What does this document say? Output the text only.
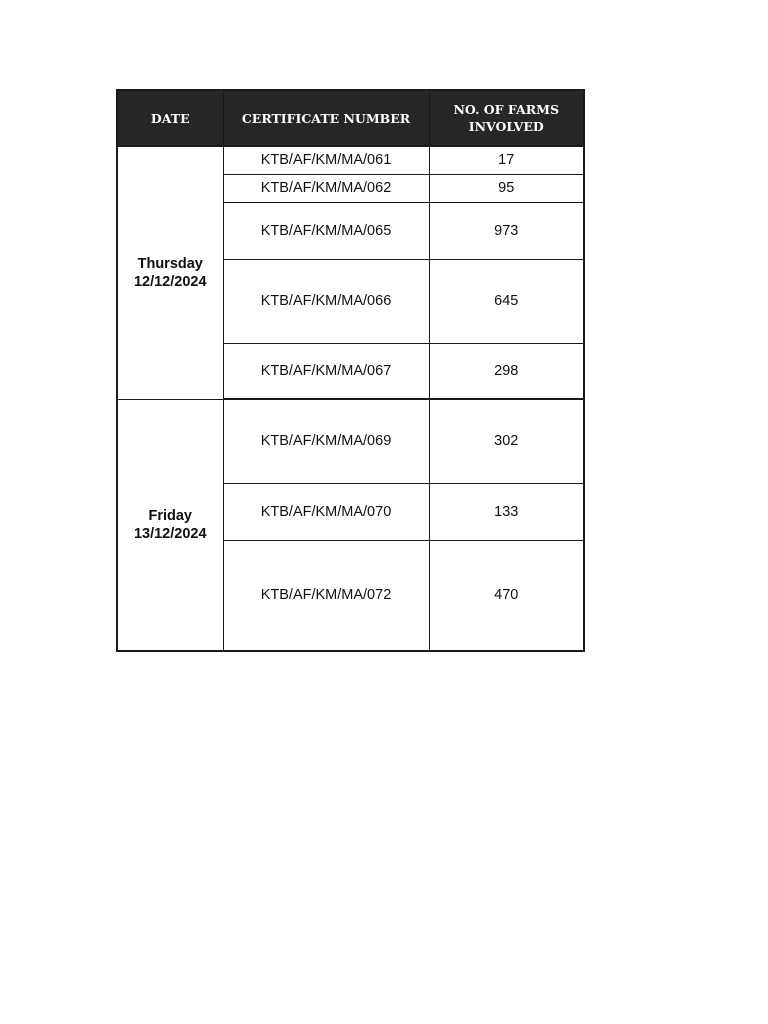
DATE	CERTIFICATE NUMBER	NO. OF FARMS
INVOLVED

Thursday
12/12/2024	KTB/AF/KM/MA/061	17
	KTB/AF/KM/MA/062	95
	KTB/AF/KM/MA/065	973
	KTB/AF/KM/MA/066	645
	KTB/AF/KM/MA/067	298

Friday
13/12/2024	KTB/AF/KM/MA/069	302
	KTB/AF/KM/MA/070	133
	KTB/AF/KM/MA/072	470
